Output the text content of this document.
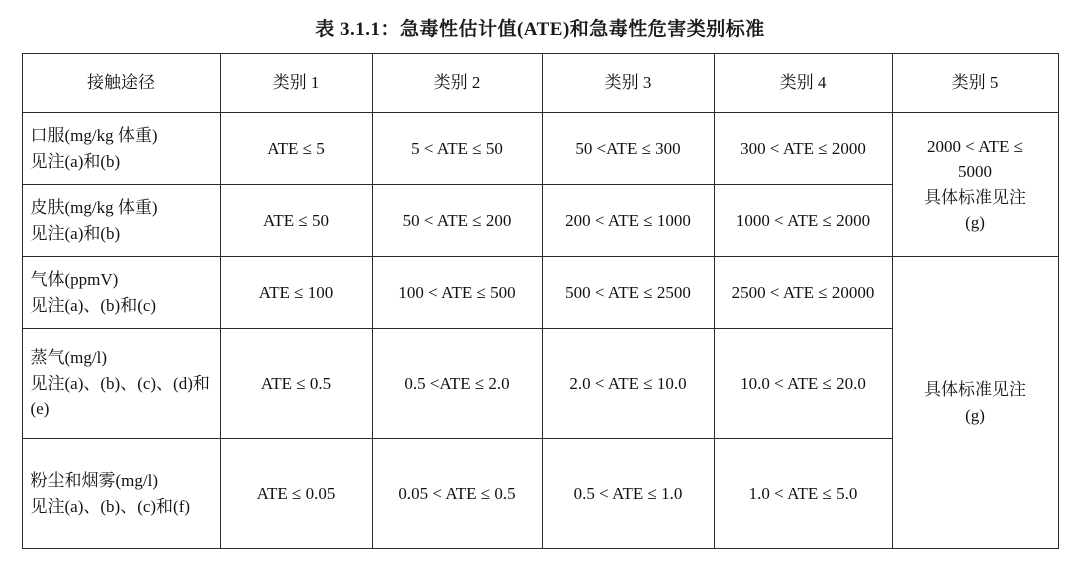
表 3.1.1：急毒性估计值(ATE)和急毒性危害类别标准
接触途径	类别 1	类别 2	类别 3	类别 4	类别 5

口服(mg/kg 体重)
见注(a)和(b)	ATE ≤ 5	5 < ATE ≤ 50	50 <ATE ≤ 300	300 < ATE ≤ 2000	2000 < ATE ≤
5000
具体标准见注
(g)

皮肤(mg/kg 体重)
见注(a)和(b)	ATE ≤ 50	50 < ATE ≤ 200	200 < ATE ≤ 1000	1000 < ATE ≤ 2000	

气体(ppmV)
见注(a)、(b)和(c)	ATE ≤ 100	100 < ATE ≤ 500	500 < ATE ≤ 2500	2500 < ATE ≤ 20000	具体标准见注
(g)

蒸气(mg/l)
见注(a)、(b)、(c)、(d)和(e)	ATE ≤ 0.5	0.5 <ATE ≤ 2.0	2.0 < ATE ≤ 10.0	10.0 < ATE ≤ 20.0	

粉尘和烟雾(mg/l)
见注(a)、(b)、(c)和(f)	ATE ≤ 0.05	0.05 < ATE ≤ 0.5	0.5 < ATE ≤ 1.0	1.0 < ATE ≤ 5.0	
